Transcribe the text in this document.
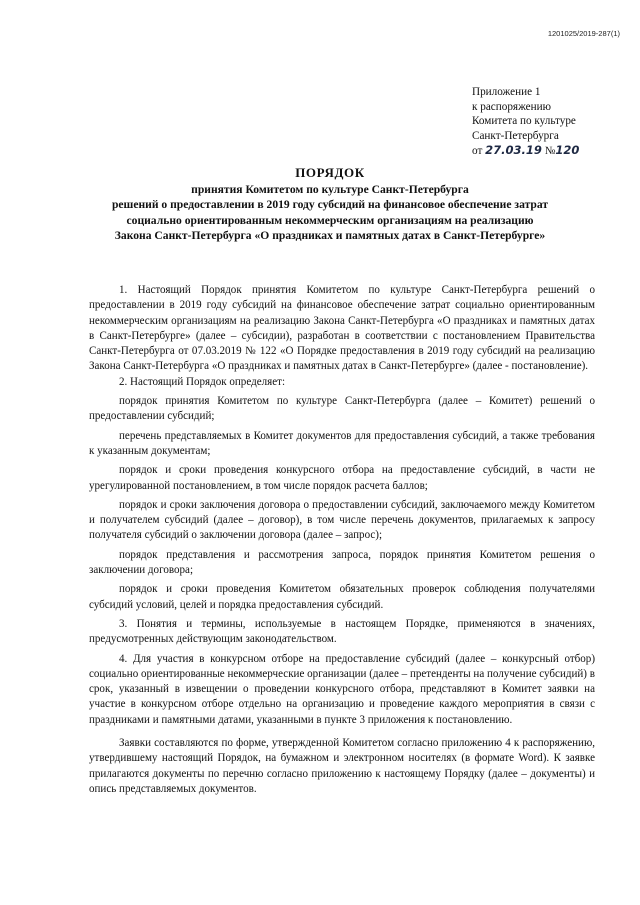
1201025/2019-287(1)
Приложение 1
к распоряжению
Комитета по культуре
Санкт-Петербурга
от 27.03.19 №120
ПОРЯДОК
принятия Комитетом по культуре Санкт-Петербурга
решений о предоставлении в 2019 году субсидий на финансовое обеспечение затрат
социально ориентированным некоммерческим организациям на реализацию
Закона Санкт-Петербурга «О праздниках и памятных датах в Санкт-Петербурге»

1. Настоящий Порядок принятия Комитетом по культуре Санкт-Петербурга решений о предоставлении в 2019 году субсидий на финансовое обеспечение затрат социально ориентированным некоммерческим организациям на реализацию Закона Санкт-Петербурга «О праздниках и памятных датах в Санкт-Петербурге» (далее – субсидии), разработан в соответствии с постановлением Правительства Санкт-Петербурга от 07.03.2019 № 122 «О Порядке предоставления в 2019 году субсидий на реализацию Закона Санкт-Петербурга «О праздниках и памятных датах в Санкт-Петербурге» (далее - постановление).

2. Настоящий Порядок определяет:

порядок принятия Комитетом по культуре Санкт-Петербурга (далее – Комитет) решений о предоставлении субсидий;

перечень представляемых в Комитет документов для предоставления субсидий, а также требования к указанным документам;

порядок и сроки проведения конкурсного отбора на предоставление субсидий, в части не урегулированной постановлением, в том числе порядок расчета баллов;

порядок и сроки заключения договора о предоставлении субсидий, заключаемого между Комитетом и получателем субсидий (далее – договор), в том числе перечень документов, прилагаемых к запросу получателя субсидий о заключении договора (далее – запрос);

порядок представления и рассмотрения запроса, порядок принятия Комитетом решения о заключении договора;

порядок и сроки проведения Комитетом обязательных проверок соблюдения получателями субсидий условий, целей и порядка предоставления субсидий.

3. Понятия и термины, используемые в настоящем Порядке, применяются в значениях, предусмотренных действующим законодательством.

4. Для участия в конкурсном отборе на предоставление субсидий (далее – конкурсный отбор) социально ориентированные некоммерческие организации (далее – претенденты на получение субсидий) в срок, указанный в извещении о проведении конкурсного отбора, представляют в Комитет заявки на участие в конкурсном отборе отдельно на организацию и проведение каждого мероприятия в связи с праздниками и памятными датами, указанными в пункте 3 приложения к постановлению.

Заявки составляются по форме, утвержденной Комитетом согласно приложению 4 к распоряжению, утвердившему настоящий Порядок, на бумажном и электронном носителях (в формате Word). К заявке прилагаются документы по перечню согласно приложению к настоящему Порядку (далее – документы) и опись представляемых документов.
